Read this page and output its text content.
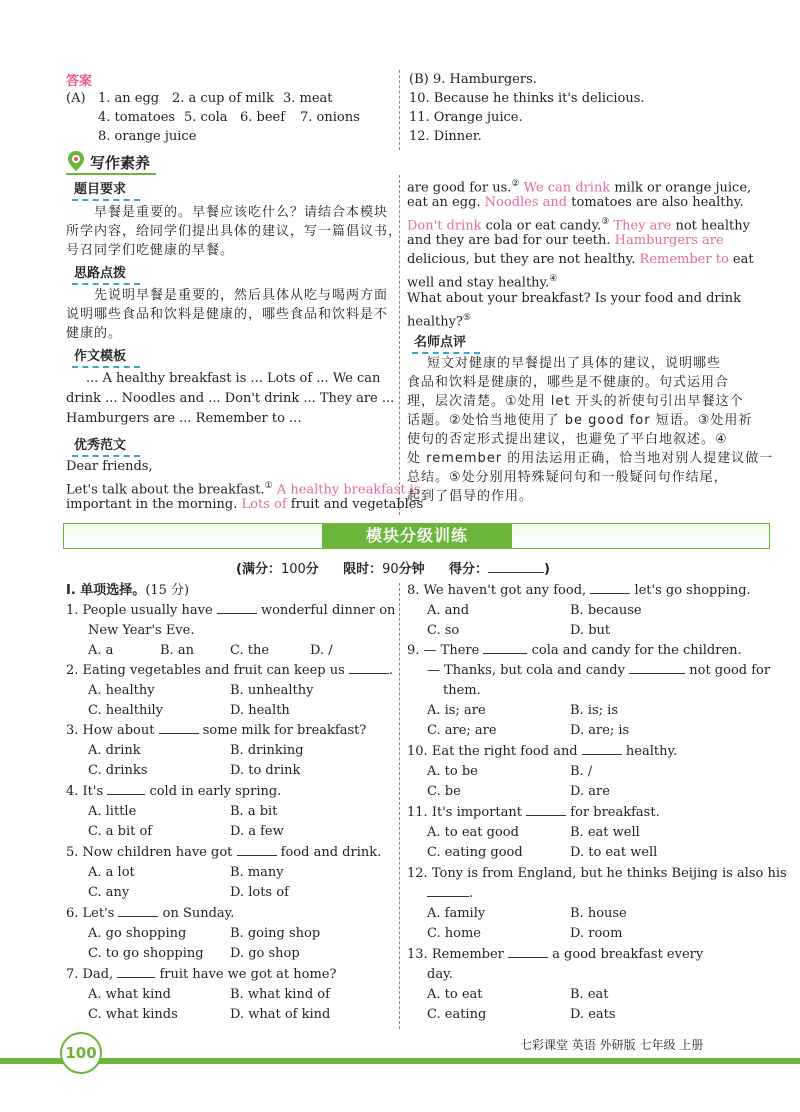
答案
(A) 1. an egg 2. a cup of milk 3. meat
4. tomatoes 5. cola 6. beef 7. onions
8. orange juice
(B) 9. Hamburgers.
10. Because he thinks it's delicious.
11. Orange juice.
12. Dinner.
写作素养
题目要求
早餐是重要的。早餐应该吃什么？请结合本模块
所学内容，给同学们提出具体的建议，写一篇倡议书，
号召同学们吃健康的早餐。
思路点拨
先说明早餐是重要的，然后具体从吃与喝两方面
说明哪些食品和饮料是健康的，哪些食品和饮料是不
健康的。
作文模板
... A healthy breakfast is ... Lots of ... We can
drink ... Noodles and ... Don't drink ... They are ...
Hamburgers are ... Remember to ...
优秀范文
Dear friends,
Let's talk about the breakfast.① A healthy breakfast is
important in the morning. Lots of fruit and vegetables
are good for us.② We can drink milk or orange juice,
eat an egg. Noodles and tomatoes are also healthy.
Don't drink cola or eat candy.③ They are not healthy
and they are bad for our teeth. Hamburgers are
delicious, but they are not healthy. Remember to eat
well and stay healthy.④
What about your breakfast? Is your food and drink
healthy?⑤
名师点评
短文对健康的早餐提出了具体的建议，说明哪些
食品和饮料是健康的，哪些是不健康的。句式运用合
理，层次清楚。①处用 let 开头的祈使句引出早餐这个
话题。②处恰当地使用了 be good for 短语。③处用祈
使句的否定形式提出建议，也避免了平白地叙述。④
处 remember 的用法运用正确，恰当地对别人提建议做一
总结。⑤处分别用特殊疑问句和一般疑问句作结尾，
起到了倡导的作用。
模块分级训练
(满分：100分 限时：90分钟 得分：	)
Ⅰ. 单项选择。(15 分)
1. People usually have	wonderful dinner on
New Year's Eve.
A. a	B. an	C. the	D. /
2. Eating vegetables and fruit can keep us	.
A. healthy	B. unhealthy
C. healthily	D. health
3. How about	some milk for breakfast?
A. drink	B. drinking
C. drinks	D. to drink
4. It's	cold in early spring.
A. little	B. a bit
C. a bit of	D. a few
5. Now children have got	food and drink.
A. a lot	B. many
C. any	D. lots of
6. Let's	on Sunday.
A. go shopping	B. going shop
C. to go shopping D. go shop
7. Dad,	fruit have we got at home?
A. what kind	B. what kind of
C. what kinds	D. what of kind
8. We haven't got any food,	let's go shopping.
A. and	B. because
C. so	D. but
9. — There	cola and candy for the children.
— Thanks, but cola and candy	not good for
them.
A. is; are	B. is; is
C. are; are	D. are; is
10. Eat the right food and	healthy.
A. to be	B. /
C. be	D. are
11. It's important	for breakfast.
A. to eat good	B. eat well
C. eating good	D. to eat well
12. Tony is from England, but he thinks Beijing is also his
.
A. family	B. house
C. home	D. room
13. Remember	a good breakfast every
day.
A. to eat	B. eat
C. eating	D. eats
100	七彩课堂 英语 外研版 七年级 上册
